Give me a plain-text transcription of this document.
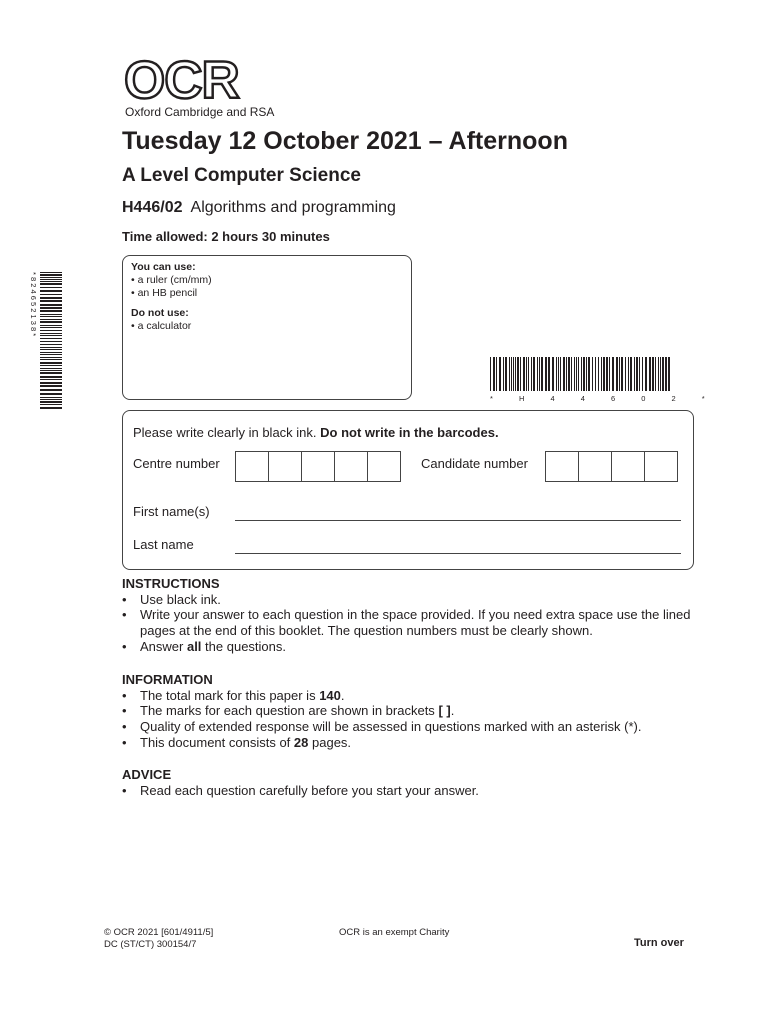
OCR
Oxford Cambridge and RSA
Tuesday 12 October 2021 – Afternoon
A Level Computer Science
H446/02 Algorithms and programming
Time allowed: 2 hours 30 minutes
You can use:
• a ruler (cm/mm)
• an HB pencil
Do not use:
• a calculator
* 8 2 4 6 5 2 1 3 8 *
* H 4 4 6 0 2 *
Please write clearly in black ink. Do not write in the barcodes.
Centre number	Candidate number
First name(s)
Last name
INSTRUCTIONS
• Use black ink.
• Write your answer to each question in the space provided. If you need extra space use the lined pages at the end of this booklet. The question numbers must be clearly shown.
• Answer all the questions.
INFORMATION
• The total mark for this paper is 140.
• The marks for each question are shown in brackets [ ].
• Quality of extended response will be assessed in questions marked with an asterisk (*).
• This document consists of 28 pages.
ADVICE
• Read each question carefully before you start your answer.
© OCR 2021 [601/4911/5]
DC (ST/CT) 300154/7
OCR is an exempt Charity
Turn over
